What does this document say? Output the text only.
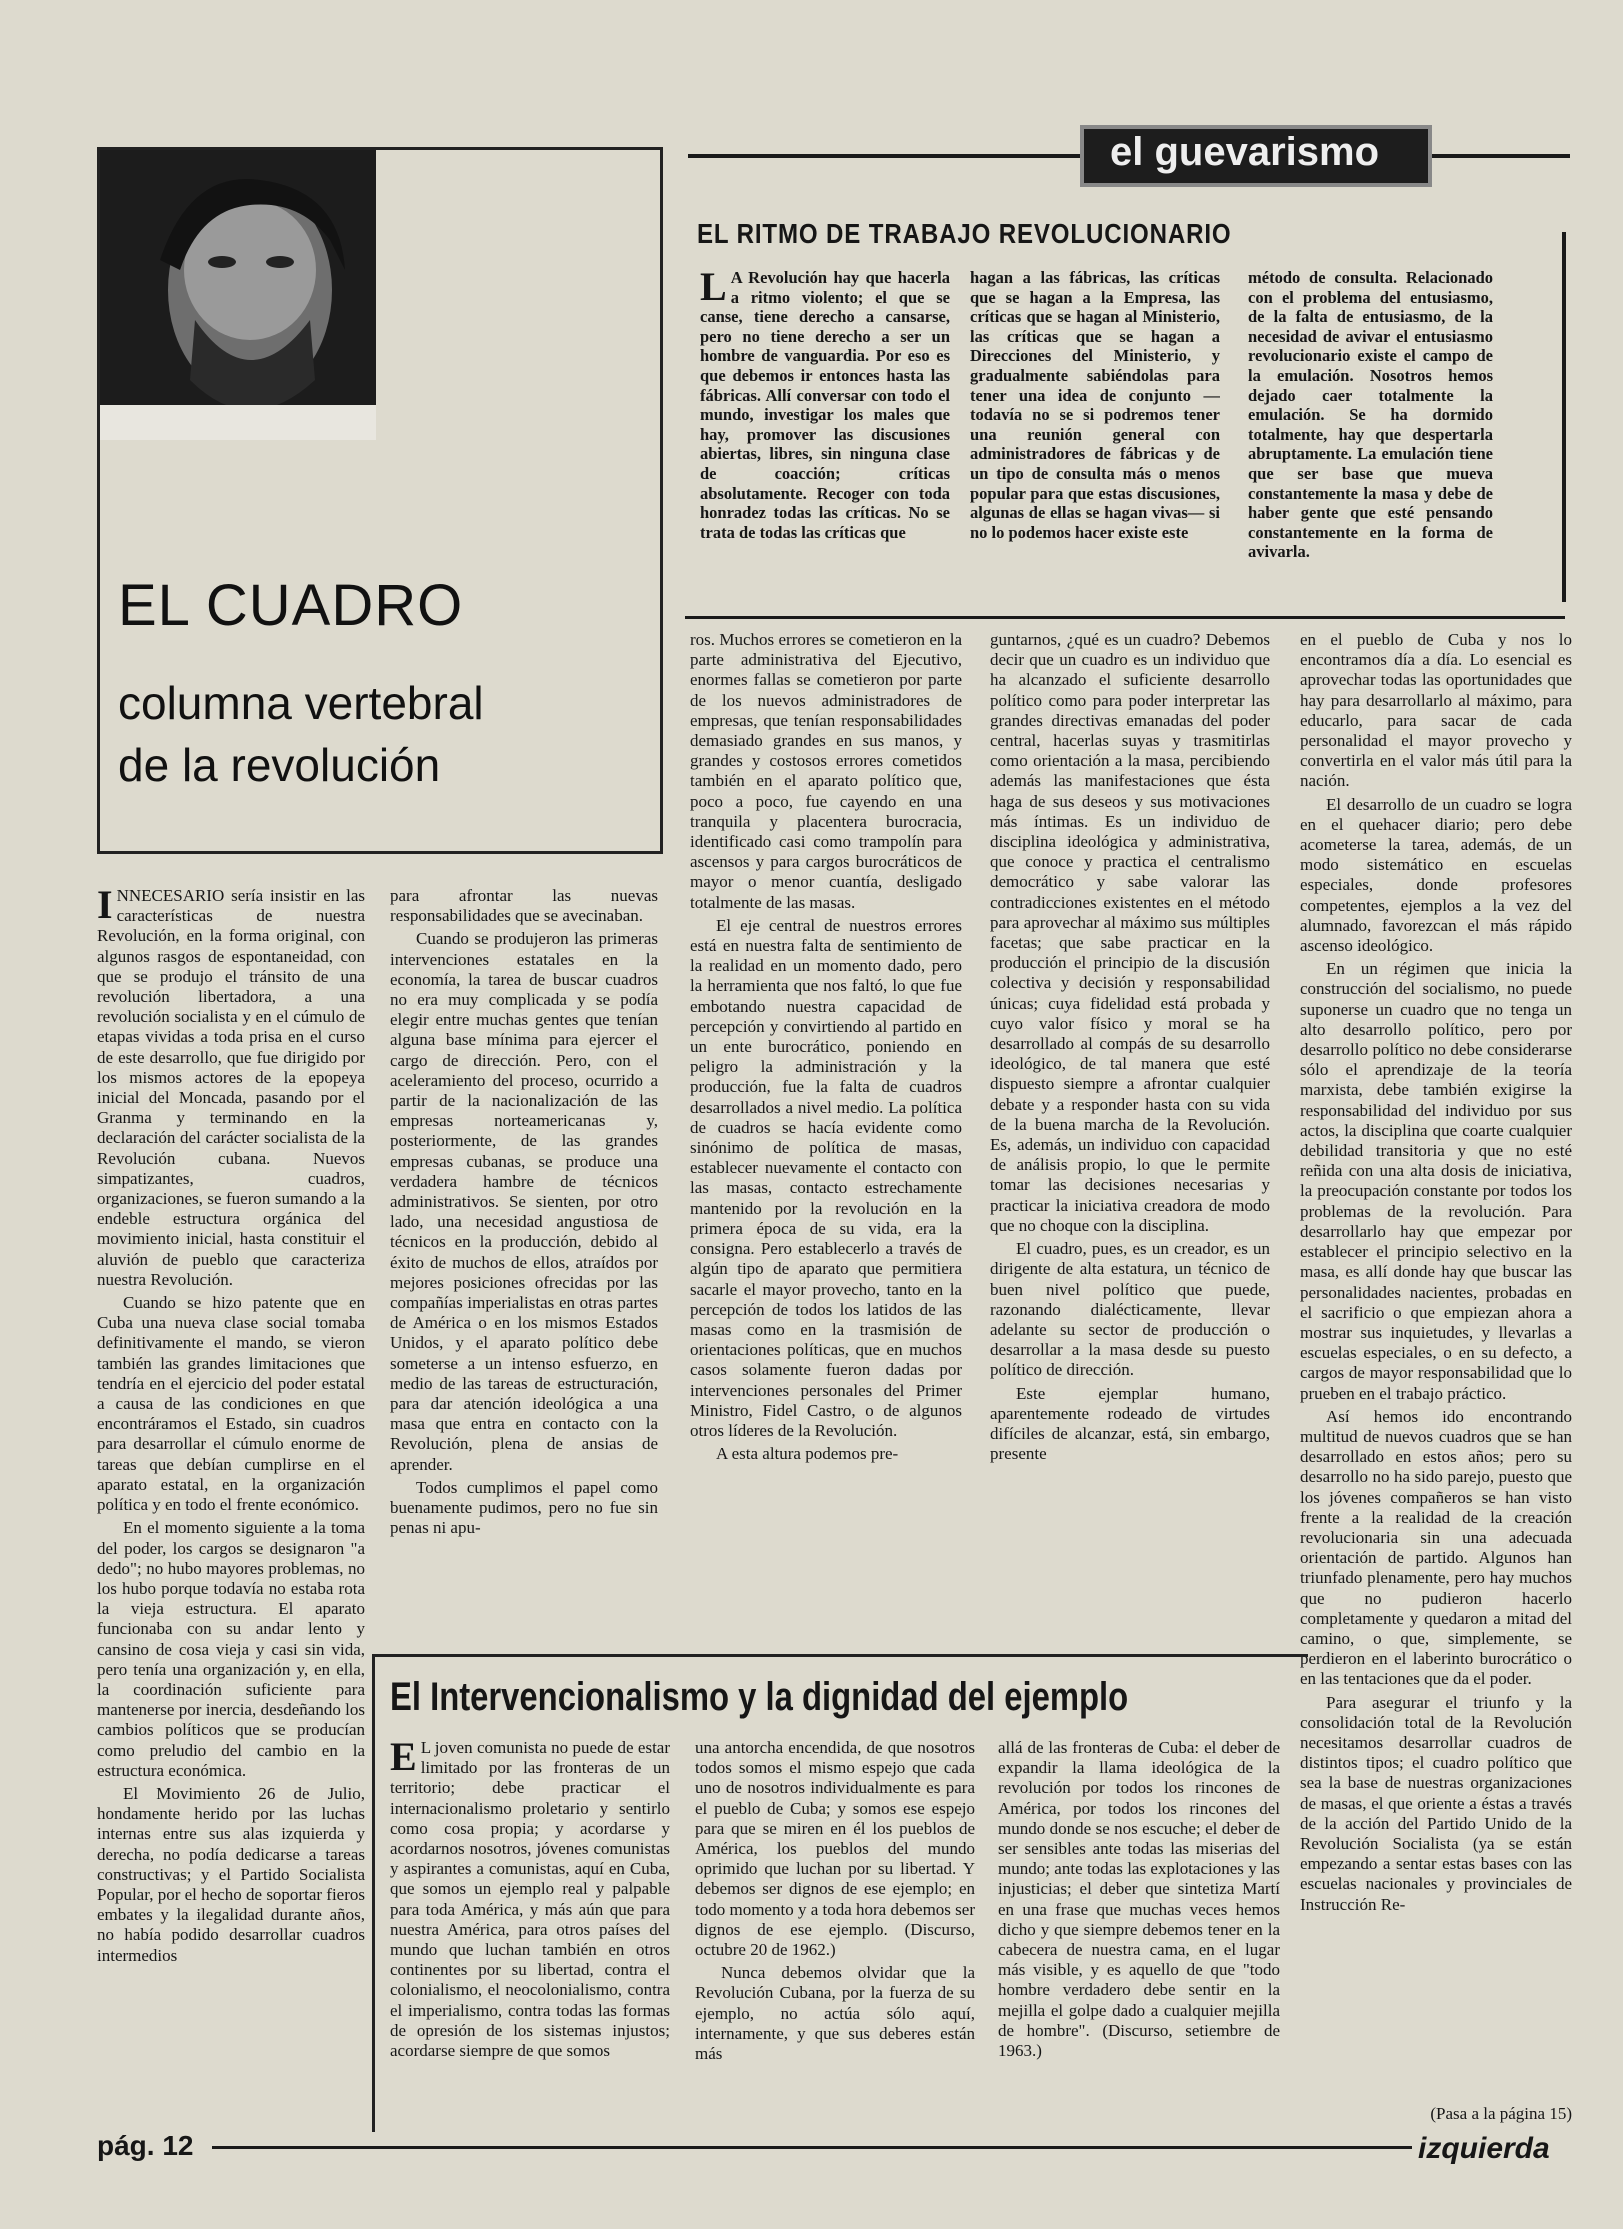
EL CUADRO
columna vertebral
de la revolución
el guevarismo
EL RITMO DE TRABAJO REVOLUCIONARIO

LA Revolución hay que hacerla a ritmo violento; el que se canse, tiene derecho a cansarse, pero no tiene derecho a ser un hombre de vanguardia. Por eso es que debemos ir entonces hasta las fábricas. Allí conversar con todo el mundo, investigar los males que hay, promover las discusiones abiertas, libres, sin ninguna clase de coacción; críticas absolutamente. Recoger con toda honradez todas las críticas. No se trata de todas las críticas que

hagan a las fábricas, las críticas que se hagan a la Empresa, las críticas que se hagan al Ministerio, las críticas que se hagan a Direcciones del Ministerio, y gradualmente sabiéndolas para tener una idea de conjunto —todavía no se si podremos tener una reunión general con administradores de fábricas y de un tipo de consulta más o menos popular para que estas discusiones, algunas de ellas se hagan vivas— si no lo podemos hacer existe este

método de consulta. Relacionado con el problema del entusiasmo, de la falta de entusiasmo, de la necesidad de avivar el entusiasmo revolucionario existe el campo de la emulación. Nosotros hemos dejado caer totalmente la emulación. Se ha dormido totalmente, hay que despertarla abruptamente. La emulación tiene que ser base que mueva constantemente la masa y debe de haber gente que esté pensando constantemente en la forma de avivarla.

INNECESARIO sería insistir en las características de nuestra Revolución, en la forma original, con algunos rasgos de espontaneidad, con que se produjo el tránsito de una revolución libertadora, a una revolución socialista y en el cúmulo de etapas vividas a toda prisa en el curso de este desarrollo, que fue dirigido por los mismos actores de la epopeya inicial del Moncada, pasando por el Granma y terminando en la declaración del carácter socialista de la Revolución cubana. Nuevos simpatizantes, cuadros, organizaciones, se fueron sumando a la endeble estructura orgánica del movimiento inicial, hasta constituir el aluvión de pueblo que caracteriza nuestra Revolución.

Cuando se hizo patente que en Cuba una nueva clase social tomaba definitivamente el mando, se vieron también las grandes limitaciones que tendría en el ejercicio del poder estatal a causa de las condiciones en que encontráramos el Estado, sin cuadros para desarrollar el cúmulo enorme de tareas que debían cumplirse en el aparato estatal, en la organización política y en todo el frente económico.

En el momento siguiente a la toma del poder, los cargos se designaron "a dedo"; no hubo mayores problemas, no los hubo porque todavía no estaba rota la vieja estructura. El aparato funcionaba con su andar lento y cansino de cosa vieja y casi sin vida, pero tenía una organización y, en ella, la coordinación suficiente para mantenerse por inercia, desdeñando los cambios políticos que se producían como preludio del cambio en la estructura económica.

El Movimiento 26 de Julio, hondamente herido por las luchas internas entre sus alas izquierda y derecha, no podía dedicarse a tareas constructivas; y el Partido Socialista Popular, por el hecho de soportar fieros embates y la ilegalidad durante años, no había podido desarrollar cuadros intermedios

para afrontar las nuevas responsabilidades que se avecinaban.

Cuando se produjeron las primeras intervenciones estatales en la economía, la tarea de buscar cuadros no era muy complicada y se podía elegir entre muchas gentes que tenían alguna base mínima para ejercer el cargo de dirección. Pero, con el aceleramiento del proceso, ocurrido a partir de la nacionalización de las empresas norteamericanas y, posteriormente, de las grandes empresas cubanas, se produce una verdadera hambre de técnicos administrativos. Se sienten, por otro lado, una necesidad angustiosa de técnicos en la producción, debido al éxito de muchos de ellos, atraídos por mejores posiciones ofrecidas por las compañías imperialistas en otras partes de América o en los mismos Estados Unidos, y el aparato político debe someterse a un intenso esfuerzo, en medio de las tareas de estructuración, para dar atención ideológica a una masa que entra en contacto con la Revolución, plena de ansias de aprender.

Todos cumplimos el papel como buenamente pudimos, pero no fue sin penas ni apu-

ros. Muchos errores se cometieron en la parte administrativa del Ejecutivo, enormes fallas se cometieron por parte de los nuevos administradores de empresas, que tenían responsabilidades demasiado grandes en sus manos, y grandes y costosos errores cometidos también en el aparato político que, poco a poco, fue cayendo en una tranquila y placentera burocracia, identificado casi como trampolín para ascensos y para cargos burocráticos de mayor o menor cuantía, desligado totalmente de las masas.

El eje central de nuestros errores está en nuestra falta de sentimiento de la realidad en un momento dado, pero la herramienta que nos faltó, lo que fue embotando nuestra capacidad de percepción y convirtiendo al partido en un ente burocrático, poniendo en peligro la administración y la producción, fue la falta de cuadros desarrollados a nivel medio. La política de cuadros se hacía evidente como sinónimo de política de masas, establecer nuevamente el contacto con las masas, contacto estrechamente mantenido por la revolución en la primera época de su vida, era la consigna. Pero establecerlo a través de algún tipo de aparato que permitiera sacarle el mayor provecho, tanto en la percepción de todos los latidos de las masas como en la trasmisión de orientaciones políticas, que en muchos casos solamente fueron dadas por intervenciones personales del Primer Ministro, Fidel Castro, o de algunos otros líderes de la Revolución.

A esta altura podemos pre-

guntarnos, ¿qué es un cuadro? Debemos decir que un cuadro es un individuo que ha alcanzado el suficiente desarrollo político como para poder interpretar las grandes directivas emanadas del poder central, hacerlas suyas y trasmitirlas como orientación a la masa, percibiendo además las manifestaciones que ésta haga de sus deseos y sus motivaciones más íntimas. Es un individuo de disciplina ideológica y administrativa, que conoce y practica el centralismo democrático y sabe valorar las contradicciones existentes en el método para aprovechar al máximo sus múltiples facetas; que sabe practicar en la producción el principio de la discusión colectiva y decisión y responsabilidad únicas; cuya fidelidad está probada y cuyo valor físico y moral se ha desarrollado al compás de su desarrollo ideológico, de tal manera que esté dispuesto siempre a afrontar cualquier debate y a responder hasta con su vida de la buena marcha de la Revolución. Es, además, un individuo con capacidad de análisis propio, lo que le permite tomar las decisiones necesarias y practicar la iniciativa creadora de modo que no choque con la disciplina.

El cuadro, pues, es un creador, es un dirigente de alta estatura, un técnico de buen nivel político que puede, razonando dialécticamente, llevar adelante su sector de producción o desarrollar a la masa desde su puesto político de dirección.

Este ejemplar humano, aparentemente rodeado de virtudes difíciles de alcanzar, está, sin embargo, presente

en el pueblo de Cuba y nos lo encontramos día a día. Lo esencial es aprovechar todas las oportunidades que hay para desarrollarlo al máximo, para educarlo, para sacar de cada personalidad el mayor provecho y convertirla en el valor más útil para la nación.

El desarrollo de un cuadro se logra en el quehacer diario; pero debe acometerse la tarea, además, de un modo sistemático en escuelas especiales, donde profesores competentes, ejemplos a la vez del alumnado, favorezcan el más rápido ascenso ideológico.

En un régimen que inicia la construcción del socialismo, no puede suponerse un cuadro que no tenga un alto desarrollo político, pero por desarrollo político no debe considerarse sólo el aprendizaje de la teoría marxista, debe también exigirse la responsabilidad del individuo por sus actos, la disciplina que coarte cualquier debilidad transitoria y que no esté reñida con una alta dosis de iniciativa, la preocupación constante por todos los problemas de la revolución. Para desarrollarlo hay que empezar por establecer el principio selectivo en la masa, es allí donde hay que buscar las personalidades nacientes, probadas en el sacrificio o que empiezan ahora a mostrar sus inquietudes, y llevarlas a escuelas especiales, o en su defecto, a cargos de mayor responsabilidad que lo prueben en el trabajo práctico.

Así hemos ido encontrando multitud de nuevos cuadros que se han desarrollado en estos años; pero su desarrollo no ha sido parejo, puesto que los jóvenes compañeros se han visto frente a la realidad de la creación revolucionaria sin una adecuada orientación de partido. Algunos han triunfado plenamente, pero hay muchos que no pudieron hacerlo completamente y quedaron a mitad del camino, o que, simplemente, se perdieron en el laberinto burocrático o en las tentaciones que da el poder.

Para asegurar el triunfo y la consolidación total de la Revolución necesitamos desarrollar cuadros de distintos tipos; el cuadro político que sea la base de nuestras organizaciones de masas, el que oriente a éstas a través de la acción del Partido Unido de la Revolución Socialista (ya se están empezando a sentar estas bases con las escuelas nacionales y provinciales de Instrucción Re-

(Pasa a la página 15)
El Intervencionalismo y la dignidad del ejemplo

EL joven comunista no puede de estar limitado por las fronteras de un territorio; debe practicar el internacionalismo proletario y sentirlo como cosa propia; y acordarse y acordarnos nosotros, jóvenes comunistas y aspirantes a comunistas, aquí en Cuba, que somos un ejemplo real y palpable para toda América, y más aún que para nuestra América, para otros países del mundo que luchan también en otros continentes por su libertad, contra el colonialismo, el neocolonialismo, contra el imperialismo, contra todas las formas de opresión de los sistemas injustos; acordarse siempre de que somos

una antorcha encendida, de que nosotros todos somos el mismo espejo que cada uno de nosotros individualmente es para el pueblo de Cuba; y somos ese espejo para que se miren en él los pueblos de América, los pueblos del mundo oprimido que luchan por su libertad. Y debemos ser dignos de ese ejemplo; en todo momento y a toda hora debemos ser dignos de ese ejemplo. (Discurso, octubre 20 de 1962.)

Nunca debemos olvidar que la Revolución Cubana, por la fuerza de su ejemplo, no actúa sólo aquí, internamente, y que sus deberes están más

allá de las fronteras de Cuba: el deber de expandir la llama ideológica de la revolución por todos los rincones de América, por todos los rincones del mundo donde se nos escuche; el deber de ser sensibles ante todas las miserias del mundo; ante todas las explotaciones y las injusticias; el deber que sintetiza Martí en una frase que muchas veces hemos dicho y que siempre debemos tener en la cabecera de nuestra cama, en el lugar más visible, y es aquello de que "todo hombre verdadero debe sentir en la mejilla el golpe dado a cualquier mejilla de hombre". (Discurso, setiembre de 1963.)

pág. 12	izquierda
